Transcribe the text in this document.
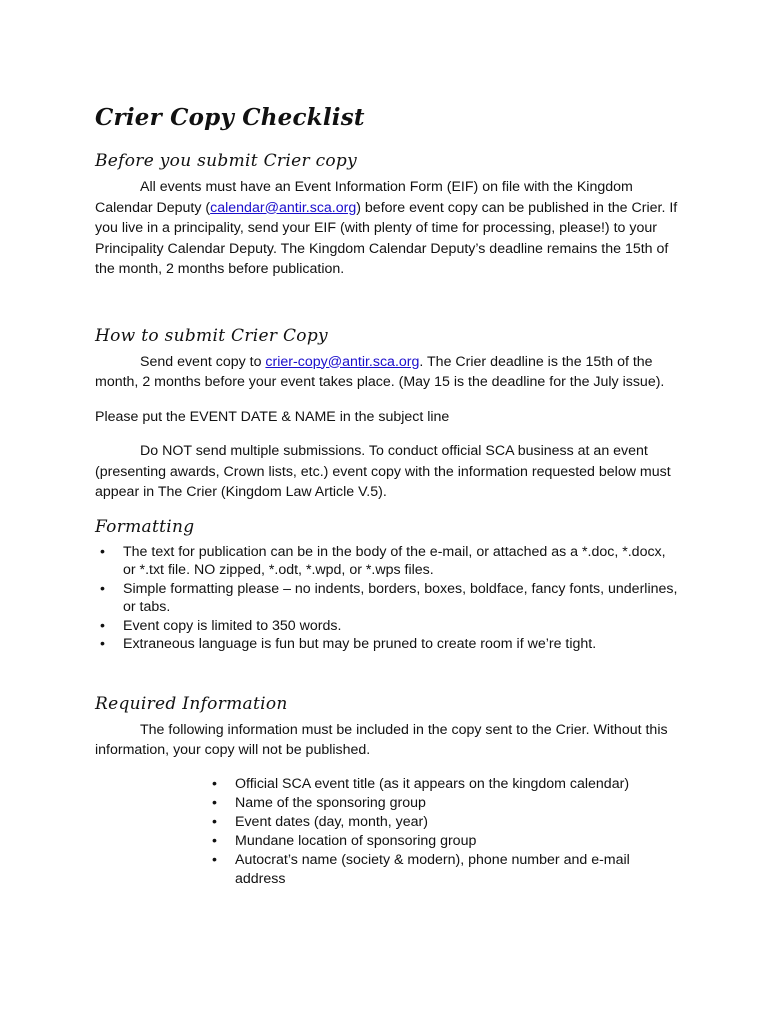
Crier Copy Checklist
Before you submit Crier copy

All events must have an Event Information Form (EIF) on file with the Kingdom Calendar Deputy (calendar@antir.sca.org) before event copy can be published in the Crier. If you live in a principality, send your EIF (with plenty of time for processing, please!) to your Principality Calendar Deputy. The Kingdom Calendar Deputy’s deadline remains the 15th of the month, 2 months before publication.

How to submit Crier Copy

Send event copy to crier-copy@antir.sca.org. The Crier deadline is the 15th of the month, 2 months before your event takes place. (May 15 is the deadline for the July issue).

Please put the EVENT DATE & NAME in the subject line

Do NOT send multiple submissions. To conduct official SCA business at an event (presenting awards, Crown lists, etc.) event copy with the information requested below must appear in The Crier (Kingdom Law Article V.5).

Formatting
• The text for publication can be in the body of the e-mail, or attached as a *.doc, *.docx, or *.txt file. NO zipped, *.odt, *.wpd, or *.wps files.
• Simple formatting please – no indents, borders, boxes, boldface, fancy fonts, underlines, or tabs.
• Event copy is limited to 350 words.
• Extraneous language is fun but may be pruned to create room if we’re tight.
Required Information

The following information must be included in the copy sent to the Crier. Without this information, your copy will not be published.

• Official SCA event title (as it appears on the kingdom calendar)
• Name of the sponsoring group
• Event dates (day, month, year)
• Mundane location of sponsoring group
• Autocrat’s name (society & modern), phone number and e-mail address
